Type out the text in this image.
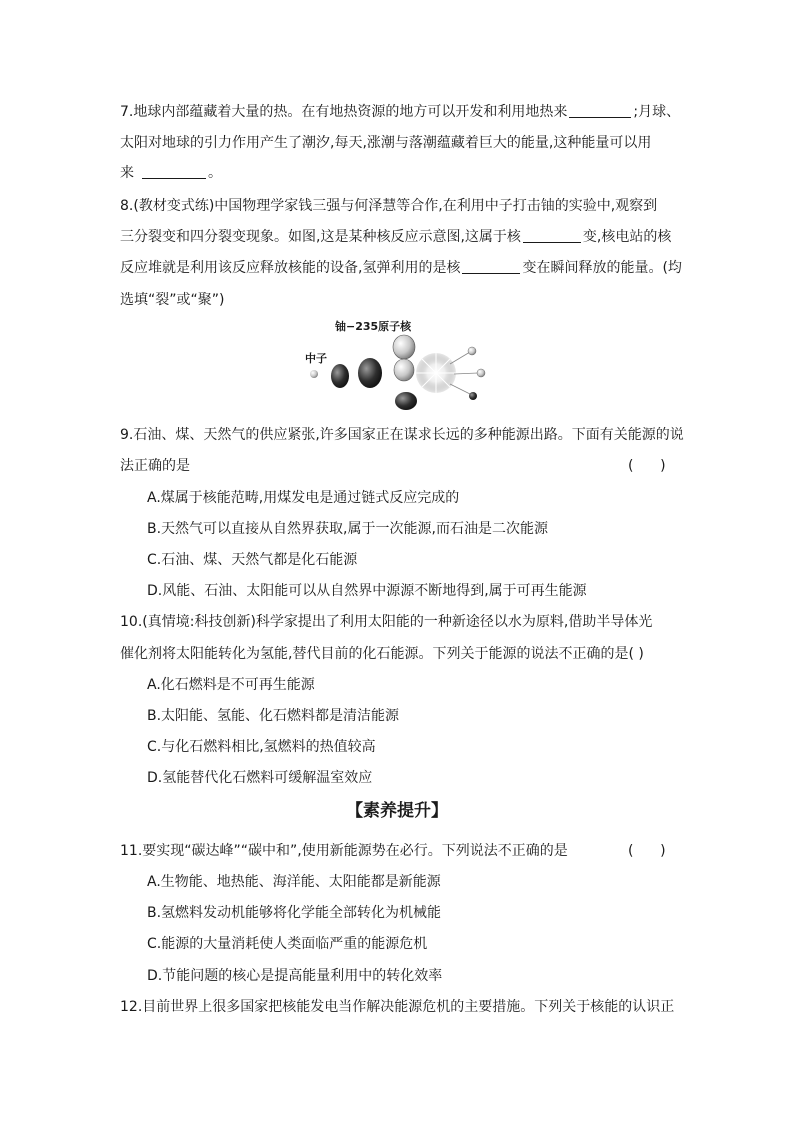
7.地球内部蕴藏着大量的热。在有地热资源的地方可以开发和利用地热来	;月球、
太阳对地球的引力作用产生了潮汐,每天,涨潮与落潮蕴藏着巨大的能量,这种能量可以用
来	。
8.(教材变式练)中国物理学家钱三强与何泽慧等合作,在利用中子打击铀的实验中,观察到
三分裂变和四分裂变现象。如图,这是某种核反应示意图,这属于核	变,核电站的核
反应堆就是利用该反应释放核能的设备,氢弹利用的是核	变在瞬间释放的能量。(均
选填“裂”或“聚”)
铀−235原子核
中子
9.石油、煤、天然气的供应紧张,许多国家正在谋求长远的多种能源出路。下面有关能源的说
法正确的是	(      )
A.煤属于核能范畴,用煤发电是通过链式反应完成的
B.天然气可以直接从自然界获取,属于一次能源,而石油是二次能源
C.石油、煤、天然气都是化石能源
D.风能、石油、太阳能可以从自然界中源源不断地得到,属于可再生能源
10.(真情境:科技创新)科学家提出了利用太阳能的一种新途径以水为原料,借助半导体光
催化剂将太阳能转化为氢能,替代目前的化石能源。下列关于能源的说法不正确的是( )
A.化石燃料是不可再生能源
B.太阳能、氢能、化石燃料都是清洁能源
C.与化石燃料相比,氢燃料的热值较高
D.氢能替代化石燃料可缓解温室效应
【素养提升】
11.要实现“碳达峰”“碳中和”,使用新能源势在必行。下列说法不正确的是	(      )
A.生物能、地热能、海洋能、太阳能都是新能源
B.氢燃料发动机能够将化学能全部转化为机械能
C.能源的大量消耗使人类面临严重的能源危机
D.节能问题的核心是提高能量利用中的转化效率
12.目前世界上很多国家把核能发电当作解决能源危机的主要措施。下列关于核能的认识正
